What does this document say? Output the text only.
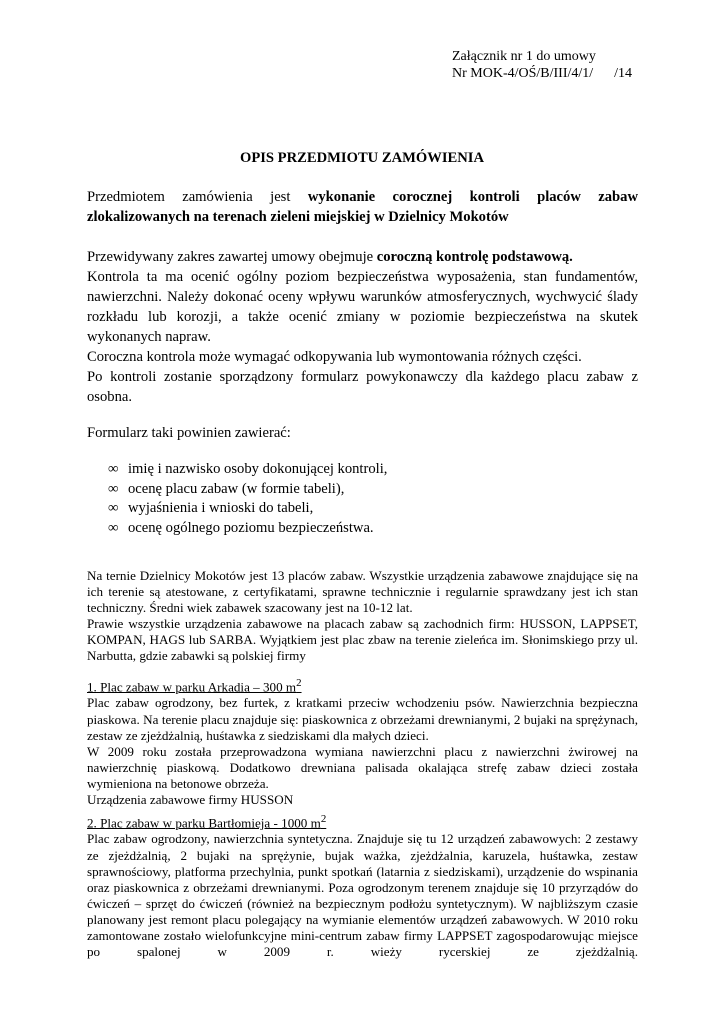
Załącznik nr 1 do umowy
Nr MOK-4/OŚ/B/III/4/1/      /14
OPIS PRZEDMIOTU ZAMÓWIENIA

Przedmiotem zamówienia jest wykonanie corocznej kontroli placów zabaw zlokalizowanych na terenach zieleni miejskiej w Dzielnicy Mokotów

Przewidywany zakres zawartej umowy obejmuje coroczną kontrolę podstawową.

Kontrola ta ma ocenić ogólny poziom bezpieczeństwa wyposażenia, stan fundamentów, nawierzchni. Należy dokonać oceny wpływu warunków atmosferycznych, wychwycić ślady rozkładu lub korozji, a także ocenić zmiany w poziomie bezpieczeństwa na skutek wykonanych napraw.

Coroczna kontrola może wymagać odkopywania lub wymontowania różnych części.

Po kontroli zostanie sporządzony formularz powykonawczy dla każdego placu zabaw z osobna.

Formularz taki powinien zawierać:

∞ imię i nazwisko osoby dokonującej kontroli,
∞ ocenę placu zabaw (w formie tabeli),
∞ wyjaśnienia i wnioski do tabeli,
∞ ocenę ogólnego poziomu bezpieczeństwa.

Na ternie Dzielnicy Mokotów jest 13 placów zabaw. Wszystkie urządzenia zabawowe znajdujące się na ich terenie są atestowane, z certyfikatami, sprawne technicznie i regularnie sprawdzany jest ich stan techniczny. Średni wiek zabawek szacowany jest na 10-12 lat.

Prawie wszystkie urządzenia zabawowe na placach zabaw są zachodnich firm: HUSSON, LAPPSET, KOMPAN, HAGS lub SARBA. Wyjątkiem jest plac zbaw na terenie zieleńca im. Słonimskiego przy ul. Narbutta, gdzie zabawki są polskiej firmy

1. Plac zabaw w parku Arkadia – 300 $m^2$

Plac zabaw ogrodzony, bez furtek, z kratkami przeciw wchodzeniu psów. Nawierzchnia bezpieczna piaskowa. Na terenie placu znajduje się: piaskownica z obrzeżami drewnianymi, 2 bujaki na sprężynach, zestaw ze zjeżdżalnią, huśtawka z siedziskami dla małych dzieci.

W 2009 roku została przeprowadzona wymiana nawierzchni placu z nawierzchni żwirowej na nawierzchnię piaskową. Dodatkowo drewniana palisada okalająca strefę zabaw dzieci została wymieniona na betonowe obrzeża.

Urządzenia zabawowe firmy HUSSON

2. Plac zabaw w parku Bartłomieja - 1000 $m^2$

Plac zabaw ogrodzony, nawierzchnia syntetyczna. Znajduje się tu 12 urządzeń zabawowych: 2 zestawy ze zjeżdżalnią, 2 bujaki na sprężynie, bujak ważka, zjeżdżalnia, karuzela, huśtawka, zestaw sprawnościowy, platforma przechylnia, punkt spotkań (latarnia z siedziskami), urządzenie do wspinania oraz piaskownica z obrzeżami drewnianymi. Poza ogrodzonym terenem znajduje się 10 przyrządów do ćwiczeń – sprzęt do ćwiczeń (również na bezpiecznym podłożu syntetycznym). W najbliższym czasie planowany jest remont placu polegający na wymianie elementów urządzeń zabawowych. W 2010 roku zamontowane zostało wielofunkcyjne mini-centrum zabaw firmy LAPPSET zagospodarowując miejsce po spalonej w 2009 r. wieży rycerskiej ze zjeżdżalnią.
